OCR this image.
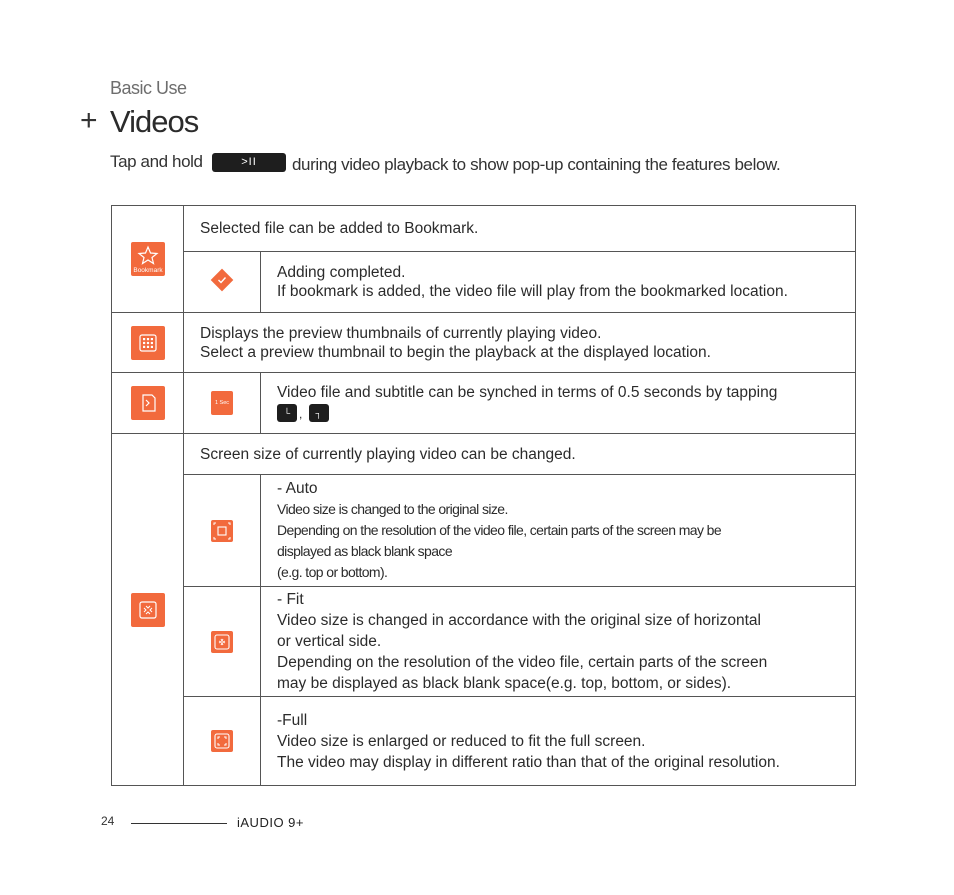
Basic Use
+ Videos
Tap and hold	>II	during video playback to show pop-up containing the features below.
Bookmark	Selected file can be added to Bookmark.	

Adding completed.
If bookmark is added, the video file will play from the bookmarked location.

Displays the preview thumbnails of currently playing video.
Select a preview thumbnail to begin the playback at the displayed location.	

1 Sec	Video file and subtitle can be synched in terms of 0.5 seconds by tapping
└ , ┐

	Screen size of currently playing video can be changed.	

- Auto
Video size is changed to the original size.
Depending on the resolution of the video file, certain parts of the screen may be
displayed as black blank space
(e.g. top or bottom).

- Fit
Video size is changed in accordance with the original size of horizontal
or vertical side.
Depending on the resolution of the video file, certain parts of the screen
may be displayed as black blank space(e.g. top, bottom, or sides).

-Full
Video size is enlarged or reduced to fit the full screen.
The video may display in different ratio than that of the original resolution.
24	iAUDIO 9+
